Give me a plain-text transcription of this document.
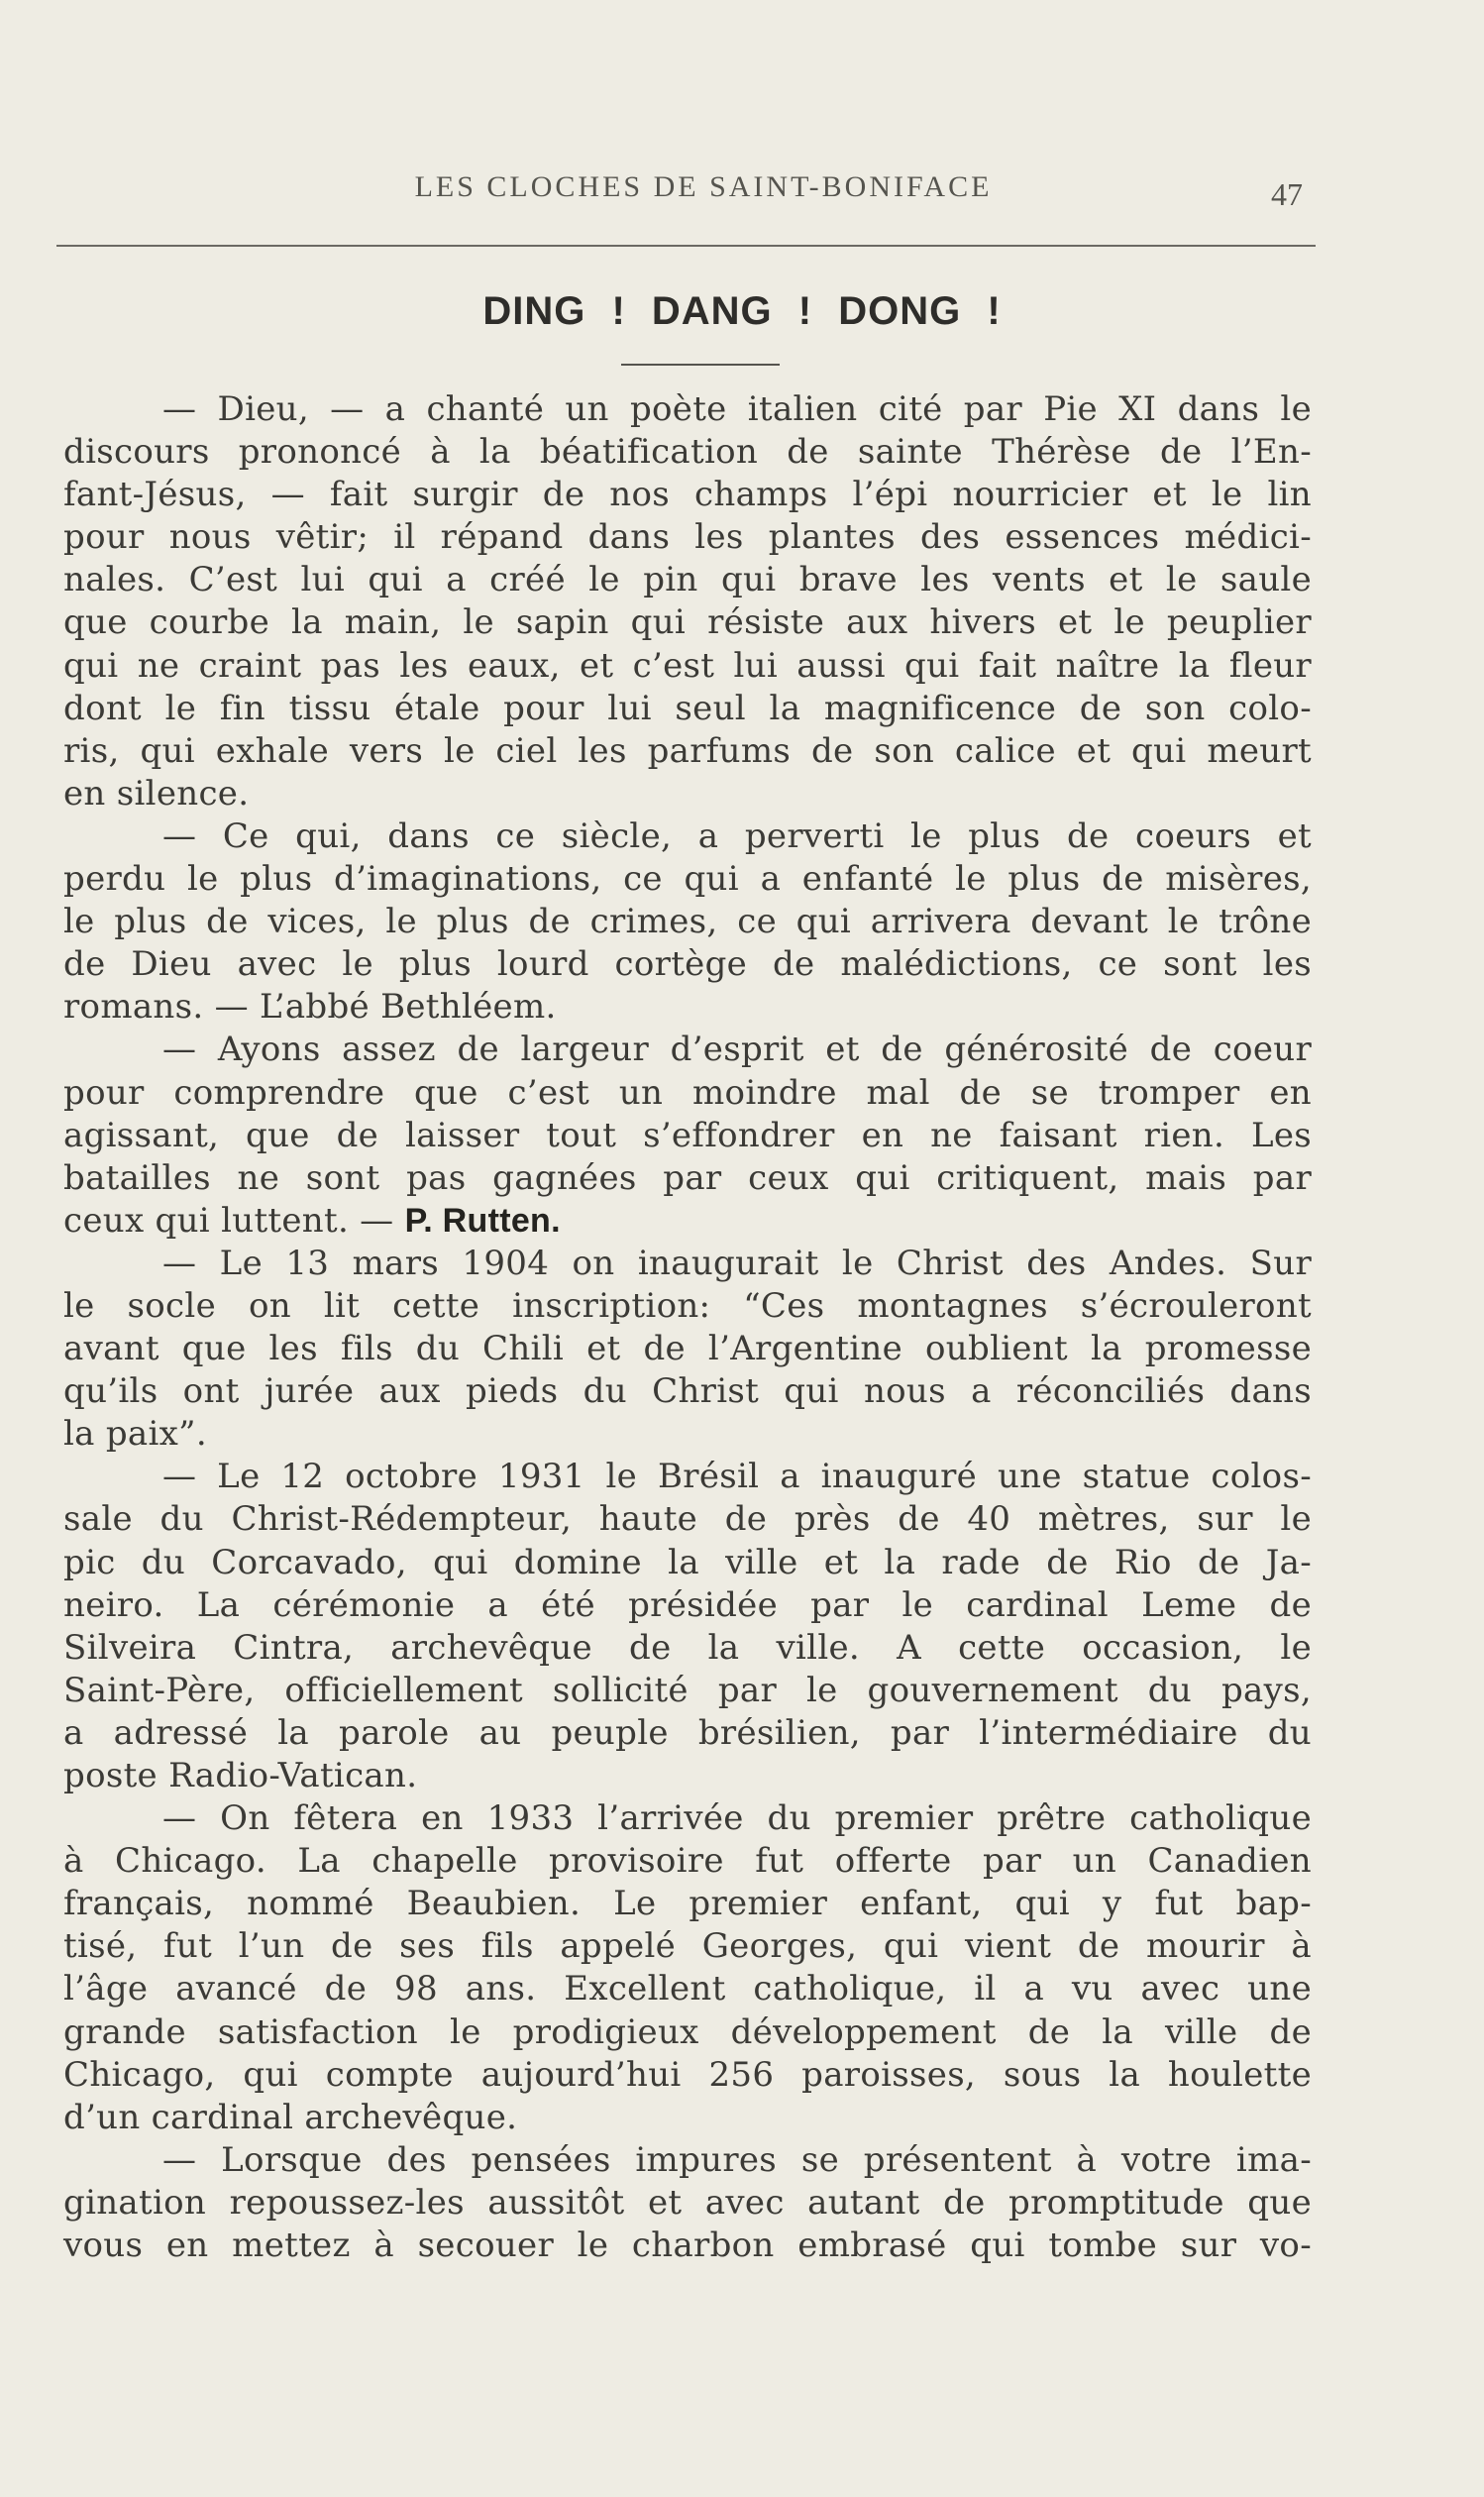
LES CLOCHES DE SAINT-BONIFACE	47
DING ! DANG ! DONG !
— Dieu, — a chanté un poète italien cité par Pie XI dans le
discours prononcé à la béatification de sainte Thérèse de l’En-
fant-Jésus, — fait surgir de nos champs l’épi nourricier et le lin
pour nous vêtir; il répand dans les plantes des essences médici-
nales. C’est lui qui a créé le pin qui brave les vents et le saule
que courbe la main, le sapin qui résiste aux hivers et le peuplier
qui ne craint pas les eaux, et c’est lui aussi qui fait naître la fleur
dont le fin tissu étale pour lui seul la magnificence de son colo-
ris, qui exhale vers le ciel les parfums de son calice et qui meurt
en silence.
— Ce qui, dans ce siècle, a perverti le plus de coeurs et
perdu le plus d’imaginations, ce qui a enfanté le plus de misères,
le plus de vices, le plus de crimes, ce qui arrivera devant le trône
de Dieu avec le plus lourd cortège de malédictions, ce sont les
romans. — L’abbé Bethléem.
— Ayons assez de largeur d’esprit et de générosité de coeur
pour comprendre que c’est un moindre mal de se tromper en
agissant, que de laisser tout s’effondrer en ne faisant rien. Les
batailles ne sont pas gagnées par ceux qui critiquent, mais par
ceux qui luttent. — P. Rutten.
— Le 13 mars 1904 on inaugurait le Christ des Andes. Sur
le socle on lit cette inscription: “Ces montagnes s’écrouleront
avant que les fils du Chili et de l’Argentine oublient la promesse
qu’ils ont jurée aux pieds du Christ qui nous a réconciliés dans
la paix”.
— Le 12 octobre 1931 le Brésil a inauguré une statue colos-
sale du Christ-Rédempteur, haute de près de 40 mètres, sur le
pic du Corcavado, qui domine la ville et la rade de Rio de Ja-
neiro. La cérémonie a été présidée par le cardinal Leme de
Silveira Cintra, archevêque de la ville. A cette occasion, le
Saint-Père, officiellement sollicité par le gouvernement du pays,
a adressé la parole au peuple brésilien, par l’intermédiaire du
poste Radio-Vatican.
— On fêtera en 1933 l’arrivée du premier prêtre catholique
à Chicago. La chapelle provisoire fut offerte par un Canadien
français, nommé Beaubien. Le premier enfant, qui y fut bap-
tisé, fut l’un de ses fils appelé Georges, qui vient de mourir à
l’âge avancé de 98 ans. Excellent catholique, il a vu avec une
grande satisfaction le prodigieux développement de la ville de
Chicago, qui compte aujourd’hui 256 paroisses, sous la houlette
d’un cardinal archevêque.
— Lorsque des pensées impures se présentent à votre ima-
gination repoussez-les aussitôt et avec autant de promptitude que
vous en mettez à secouer le charbon embrasé qui tombe sur vo-
